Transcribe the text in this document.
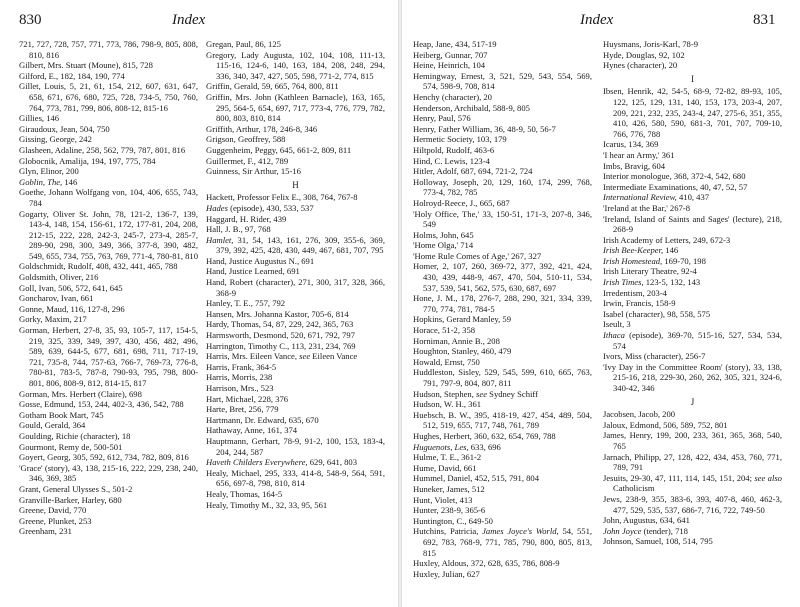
830	Index

721, 727, 728, 757, 771, 773, 786, 798-9, 805, 808, 810, 816

Gilbert, Mrs. Stuart (Moune), 815, 728

Gilford, E., 182, 184, 190, 774

Gillet, Louis, 5, 21, 61, 154, 212, 607, 631, 647, 658, 671, 676, 680, 725, 728, 734-5, 750, 760, 764, 773, 781, 799, 806, 808-12, 815-16

Gillies, 146

Giraudoux, Jean, 504, 750

Gissing, George, 242

Glasheen, Adaline, 258, 562, 779, 787, 801, 816

Globocnik, Amalija, 194, 197, 775, 784

Glyn, Elinor, 200

Goblin, The, 146

Goethe, Johann Wolfgang von, 104, 406, 655, 743, 784

Gogarty, Oliver St. John, 78, 121-2, 136-7, 139, 143-4, 148, 154, 156-61, 172, 177-81, 204, 208, 212-15, 222, 228, 242-3, 245-7, 273-4, 285-7, 289-90, 298, 300, 349, 366, 377-8, 390, 482, 549, 655, 734, 755, 763, 769, 771-4, 780-81, 810

Goldschmidt, Rudolf, 408, 432, 441, 465, 788

Goldsmith, Oliver, 216

Goll, Ivan, 506, 572, 641, 645

Goncharov, Ivan, 661

Gonne, Maud, 116, 127-8, 296

Gorky, Maxim, 217

Gorman, Herbert, 27-8, 35, 93, 105-7, 117, 154-5, 219, 325, 339, 349, 397, 430, 456, 482, 496, 589, 639, 644-5, 677, 681, 698, 711, 717-19, 721, 735-8, 744, 757-63, 766-7, 769-73, 776-8, 780-81, 783-5, 787-8, 790-93, 795, 798, 800-801, 806, 808-9, 812, 814-15, 817

Gorman, Mrs. Herbert (Claire), 698

Gosse, Edmund, 153, 244, 402-3, 436, 542, 788

Gotham Book Mart, 745

Gould, Gerald, 364

Goulding, Richie (character), 18

Gourmont, Remy de, 500-501

Goyert, Georg, 305, 592, 612, 734, 782, 809, 816

'Grace' (story), 43, 138, 215-16, 222, 229, 238, 240, 346, 369, 385

Grant, General Ulysses S., 501-2

Granville-Barker, Harley, 680

Greene, David, 770

Greene, Plunket, 253

Greenham, 231

Gregan, Paul, 86, 125

Gregory, Lady Augusta, 102, 104, 108, 111-13, 115-16, 124-6, 140, 163, 184, 208, 248, 294, 336, 340, 347, 427, 505, 598, 771-2, 774, 815

Griffin, Gerald, 59, 665, 764, 800, 811

Griffin, Mrs. John (Kathleen Barnacle), 163, 165, 295, 564-5, 654, 697, 717, 773-4, 776, 779, 782, 800, 803, 810, 814

Griffith, Arthur, 178, 246-8, 346

Grigson, Geoffrey, 588

Guggenheim, Peggy, 645, 661-2, 809, 811

Guillermet, F., 412, 789

Guinness, Sir Arthur, 15-16

H

Hackett, Professor Felix E., 308, 764, 767-8

Hades (episode), 430, 533, 537

Haggard, H. Rider, 439

Hall, J. B., 97, 768

Hamlet, 31, 54, 143, 161, 276, 309, 355-6, 369, 379, 392, 425, 428, 430, 449, 467, 681, 707, 795

Hand, Justice Augustus N., 691

Hand, Justice Learned, 691

Hand, Robert (character), 271, 300, 317, 328, 366, 368-9

Hanley, T. E., 757, 792

Hansen, Mrs. Johanna Kastor, 705-6, 814

Hardy, Thomas, 54, 87, 229, 242, 365, 763

Harmsworth, Desmond, 520, 671, 792, 797

Harrington, Timothy C., 113, 231, 234, 769

Harris, Mrs. Eileen Vance, see Eileen Vance

Harris, Frank, 364-5

Harris, Morris, 238

Harrison, Mrs., 523

Hart, Michael, 228, 376

Harte, Bret, 256, 779

Hartmann, Dr. Edward, 635, 670

Hathaway, Anne, 161, 374

Hauptmann, Gerhart, 78-9, 91-2, 100, 153, 183-4, 204, 244, 587

Haveth Childers Everywhere, 629, 641, 803

Healy, Michael, 295, 333, 414-8, 548-9, 564, 591, 656, 697-8, 798, 810, 814

Healy, Thomas, 164-5

Healy, Timothy M., 32, 33, 95, 561

Index	831

Heap, Jane, 434, 517-19

Heiberg, Gunnar, 707

Heine, Heinrich, 104

Hemingway, Ernest, 3, 521, 529, 543, 554, 569, 574, 598-9, 708, 814

Henchy (character), 20

Henderson, Archibald, 588-9, 805

Henry, Paul, 576

Henry, Father William, 36, 48-9, 50, 56-7

Hermetic Society, 103, 179

Hiltpold, Rudolf, 463-6

Hind, C. Lewis, 123-4

Hitler, Adolf, 687, 694, 721-2, 724

Holloway, Joseph, 20, 129, 160, 174, 299, 768, 773-4, 782, 785

Holroyd-Reece, J., 665, 687

'Holy Office, The,' 33, 150-51, 171-3, 207-8, 346, 549

Holms, John, 645

'Home Olga,' 714

'Home Rule Comes of Age,' 267, 327

Homer, 2, 107, 260, 369-72, 377, 392, 421, 424, 430, 439, 448-9, 467, 470, 504, 510-11, 534, 537, 539, 541, 562, 575, 630, 687, 697

Hone, J. M., 178, 276-7, 288, 290, 321, 334, 339, 770, 774, 781, 784-5

Hopkins, Gerard Manley, 59

Horace, 51-2, 358

Horniman, Annie B., 208

Houghton, Stanley, 460, 479

Howald, Ernst, 750

Huddleston, Sisley, 529, 545, 599, 610, 665, 763, 791, 797-9, 804, 807, 811

Hudson, Stephen, see Sydney Schiff

Hudson, W. H., 361

Huebsch, B. W., 395, 418-19, 427, 454, 489, 504, 512, 519, 655, 717, 748, 761, 789

Hughes, Herbert, 360, 632, 654, 769, 788

Huguenots, Les, 633, 696

Hulme, T. E., 361-2

Hume, David, 661

Hummel, Daniel, 452, 515, 791, 804

Huneker, James, 512

Hunt, Violet, 413

Hunter, 238-9, 365-6

Huntington, C., 649-50

Hutchins, Patricia, James Joyce's World, 54, 551, 692, 783, 768-9, 771, 785, 790, 800, 805, 813, 815

Huxley, Aldous, 372, 628, 635, 786, 808-9

Huxley, Julian, 627

Huysmans, Joris-Karl, 78-9

Hyde, Douglas, 92, 102

Hynes (character), 20

I

Ibsen, Henrik, 42, 54-5, 68-9, 72-82, 89-93, 105, 122, 125, 129, 131, 140, 153, 173, 203-4, 207, 209, 221, 232, 235, 243-4, 247, 275-6, 351, 355, 410, 426, 580, 590, 681-3, 701, 707, 709-10, 766, 776, 788

Icarus, 134, 369

'I hear an Army,' 361

Imbs, Bravig, 604

Interior monologue, 368, 372-4, 542, 680

Intermediate Examinations, 40, 47, 52, 57

International Review, 410, 437

'Ireland at the Bar,' 267-8

'Ireland, Island of Saints and Sages' (lecture), 218, 268-9

Irish Academy of Letters, 249, 672-3

Irish Bee-Keeper, 146

Irish Homestead, 169-70, 198

Irish Literary Theatre, 92-4

Irish Times, 123-5, 132, 143

Irredentism, 203-4

Irwin, Francis, 158-9

Isabel (character), 98, 558, 575

Iseult, 3

Ithaca (episode), 369-70, 515-16, 527, 534, 534, 574

Ivors, Miss (character), 256-7

'Ivy Day in the Committee Room' (story), 33, 138, 215-16, 218, 229-30, 260, 262, 305, 321, 324-6, 340-42, 346

J

Jacobsen, Jacob, 200

Jaloux, Edmond, 506, 589, 752, 801

James, Henry, 199, 200, 233, 361, 365, 368, 540, 765

Jarnach, Philipp, 27, 128, 422, 434, 453, 760, 771, 789, 791

Jesuits, 29-30, 47, 111, 114, 145, 151, 204; see also Catholicism

Jews, 238-9, 355, 383-6, 393, 407-8, 460, 462-3, 477, 529, 535, 537, 686-7, 716, 722, 749-50

John, Augustus, 634, 641

John Joyce (tender), 718

Johnson, Samuel, 108, 514, 795
